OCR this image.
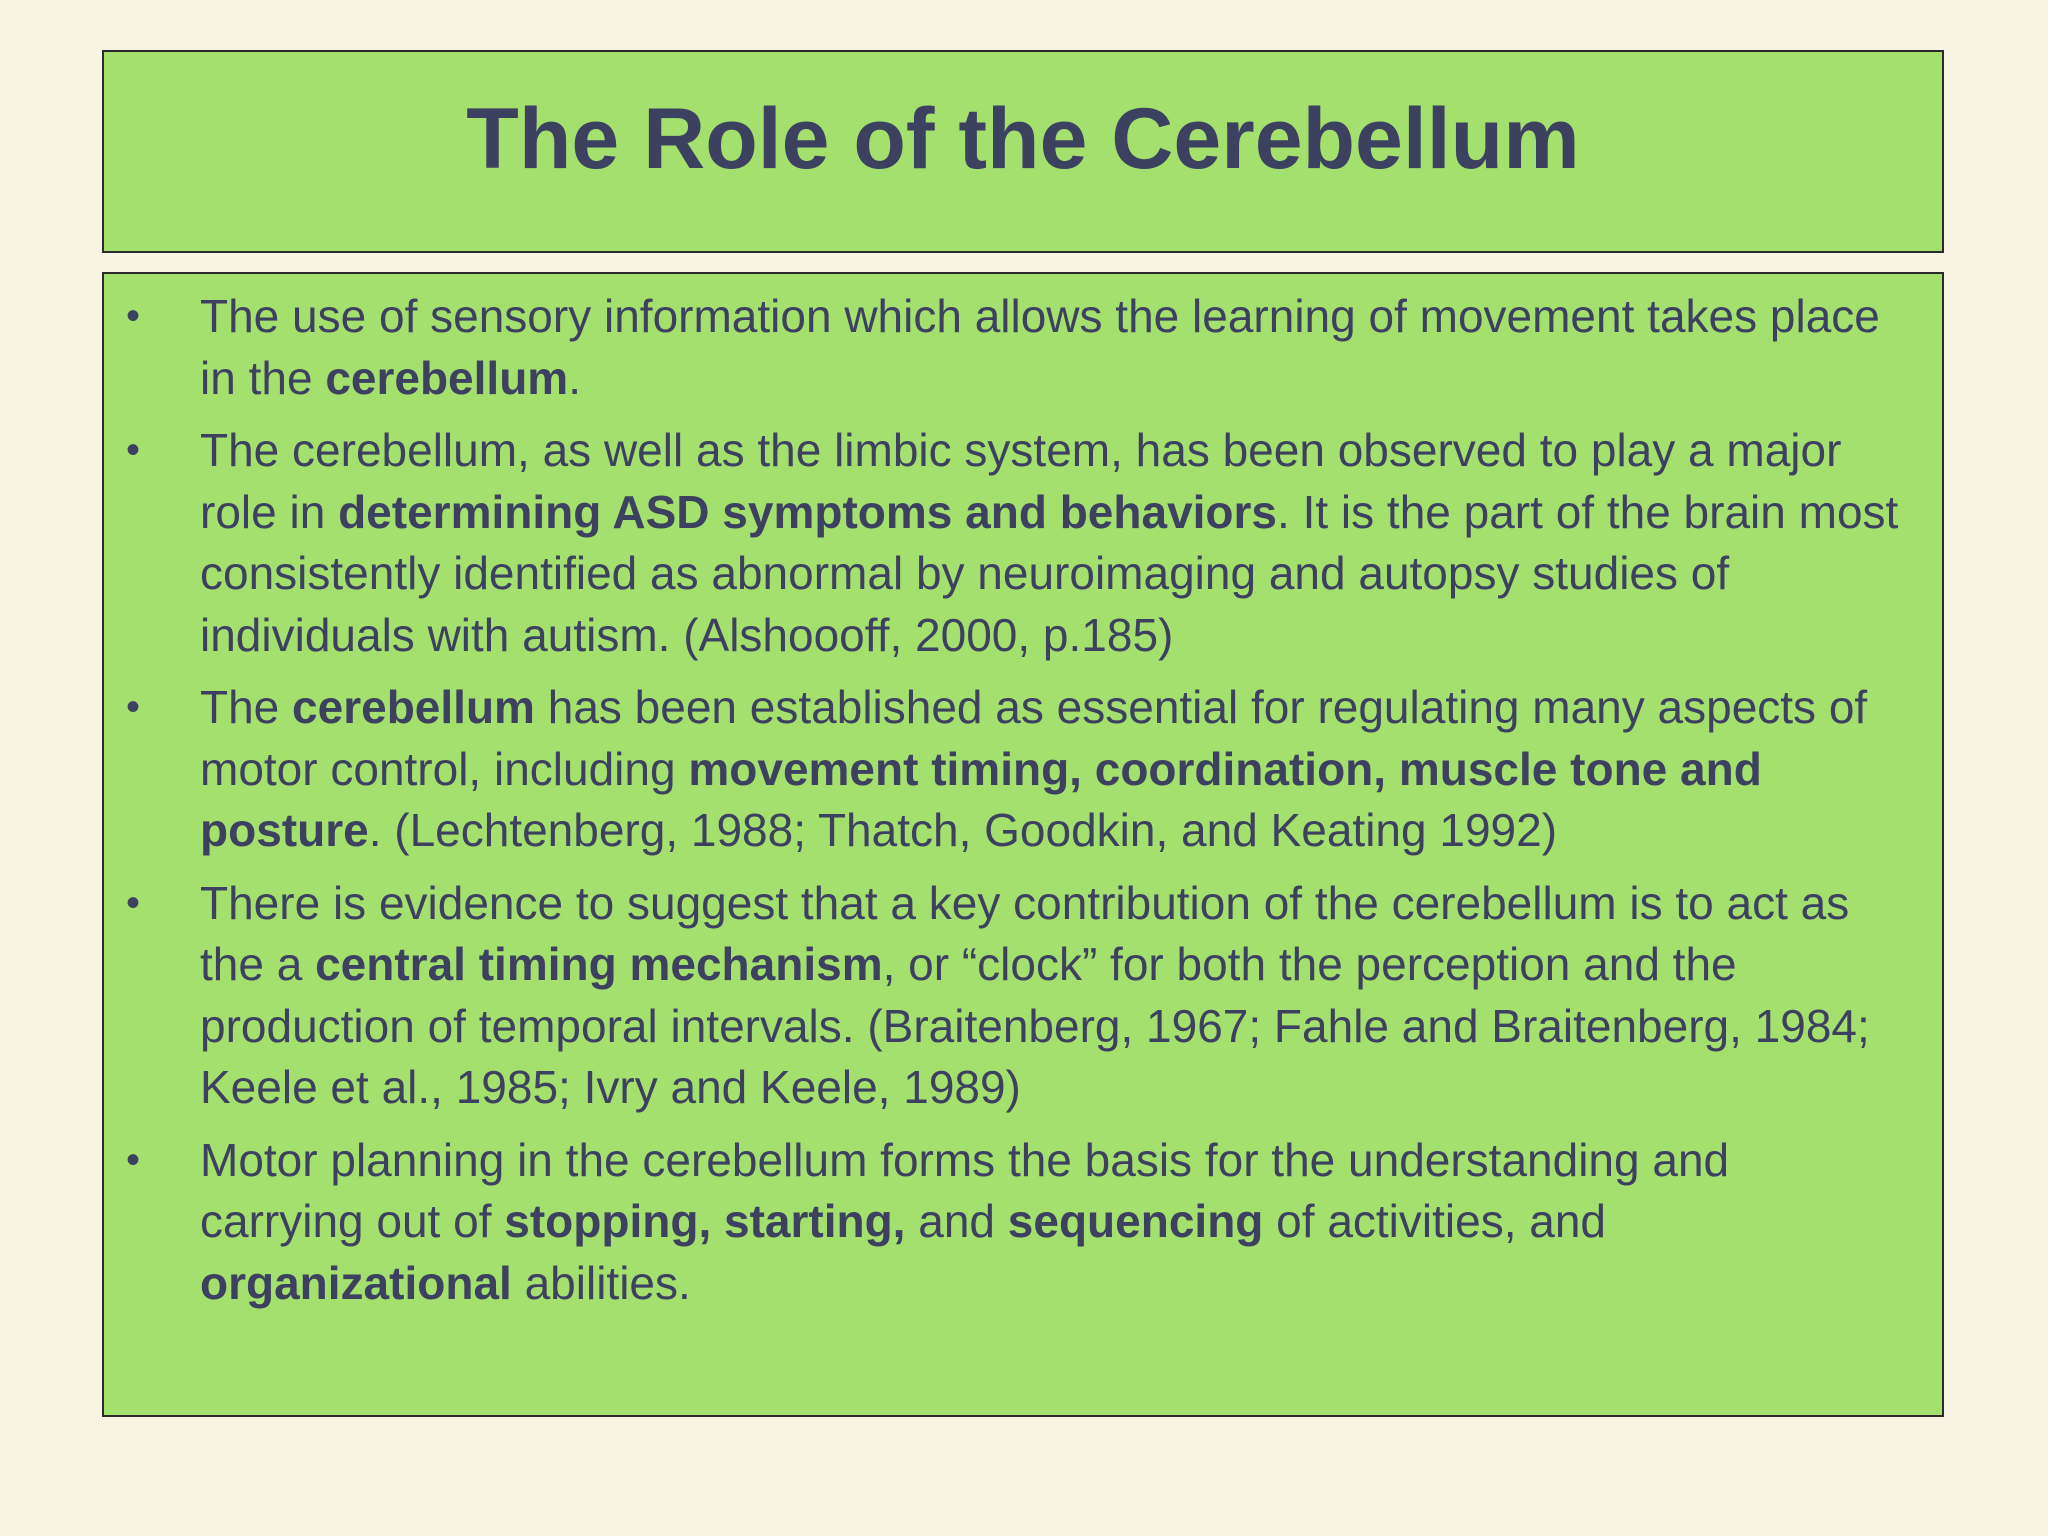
The Role of the Cerebellum
• The use of sensory information which allows the learning of movement takes place in the cerebellum.
• The cerebellum, as well as the limbic system, has been observed to play a major role in determining ASD symptoms and behaviors. It is the part of the brain most consistently identified as abnormal by neuroimaging and autopsy studies of individuals with autism. (Alshoooff, 2000, p.185)
• The cerebellum has been established as essential for regulating many aspects of motor control, including movement timing, coordination, muscle tone and posture. (Lechtenberg, 1988; Thatch, Goodkin, and Keating 1992)
• There is evidence to suggest that a key contribution of the cerebellum is to act as the a central timing mechanism, or “clock” for both the perception and the production of temporal intervals. (Braitenberg, 1967; Fahle and Braitenberg, 1984; Keele et al., 1985; Ivry and Keele, 1989)
• Motor planning in the cerebellum forms the basis for the understanding and carrying out of stopping, starting, and sequencing of activities, and organizational abilities.
